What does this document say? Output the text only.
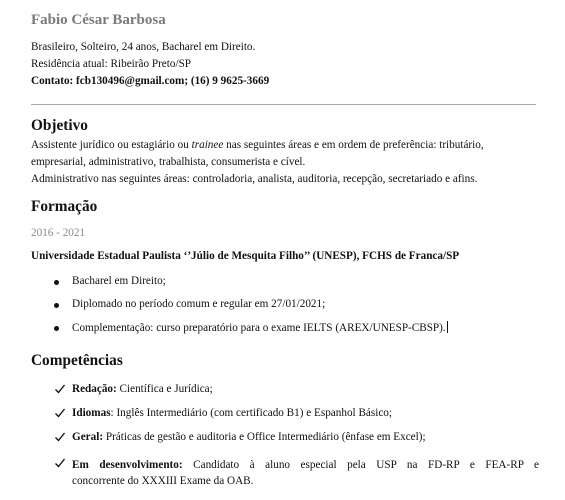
Fabio César Barbosa
Brasileiro, Solteiro, 24 anos, Bacharel em Direito.
Residência atual: Ribeirão Preto/SP
Contato: fcb130496@gmail.com; (16) 9 9625-3669
Objetivo
Assistente jurídico ou estagiário ou trainee nas seguintes áreas e em ordem de preferência: tributário,
empresarial, administrativo, trabalhista, consumerista e cível.
Administrativo nas seguintes áreas: controladoria, analista, auditoria, recepção, secretariado e afins.
Formação
2016 - 2021
Universidade Estadual Paulista ‘’Júlio de Mesquita Filho’’ (UNESP), FCHS de Franca/SP
Bacharel em Direito;
Diplomado no período comum e regular em 27/01/2021;
Complementação: curso preparatório para o exame IELTS (AREX/UNESP-CBSP).
Competências
Redação: Científica e Jurídica;
Idiomas: Inglês Intermediário (com certificado B1) e Espanhol Básico;
Geral: Práticas de gestão e auditoria e Office Intermediário (ênfase em Excel);
Em desenvolvimento: Candidato à aluno especial pela USP na FD-RP e FEA-RP e
concorrente do XXXIII Exame da OAB.
